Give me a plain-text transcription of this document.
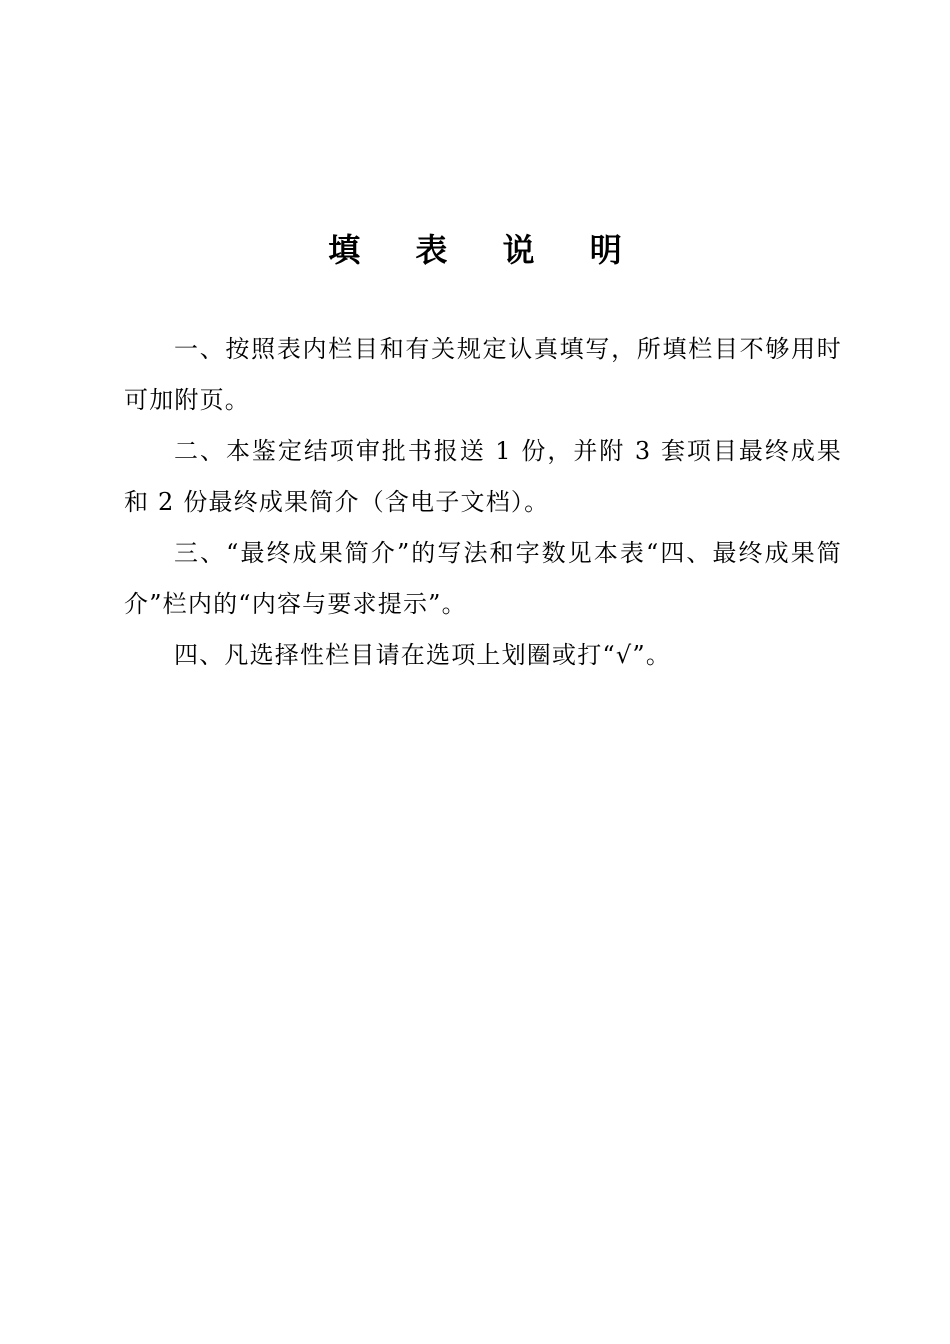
填 表 说 明

一、按照表内栏目和有关规定认真填写，所填栏目不够用时可加附页。

二、本鉴定结项审批书报送 1 份，并附 3 套项目最终成果和 2 份最终成果简介（含电子文档）。

三、“最终成果简介”的写法和字数见本表“四、最终成果简介”栏内的“内容与要求提示”。

四、凡选择性栏目请在选项上划圈或打“√”。
